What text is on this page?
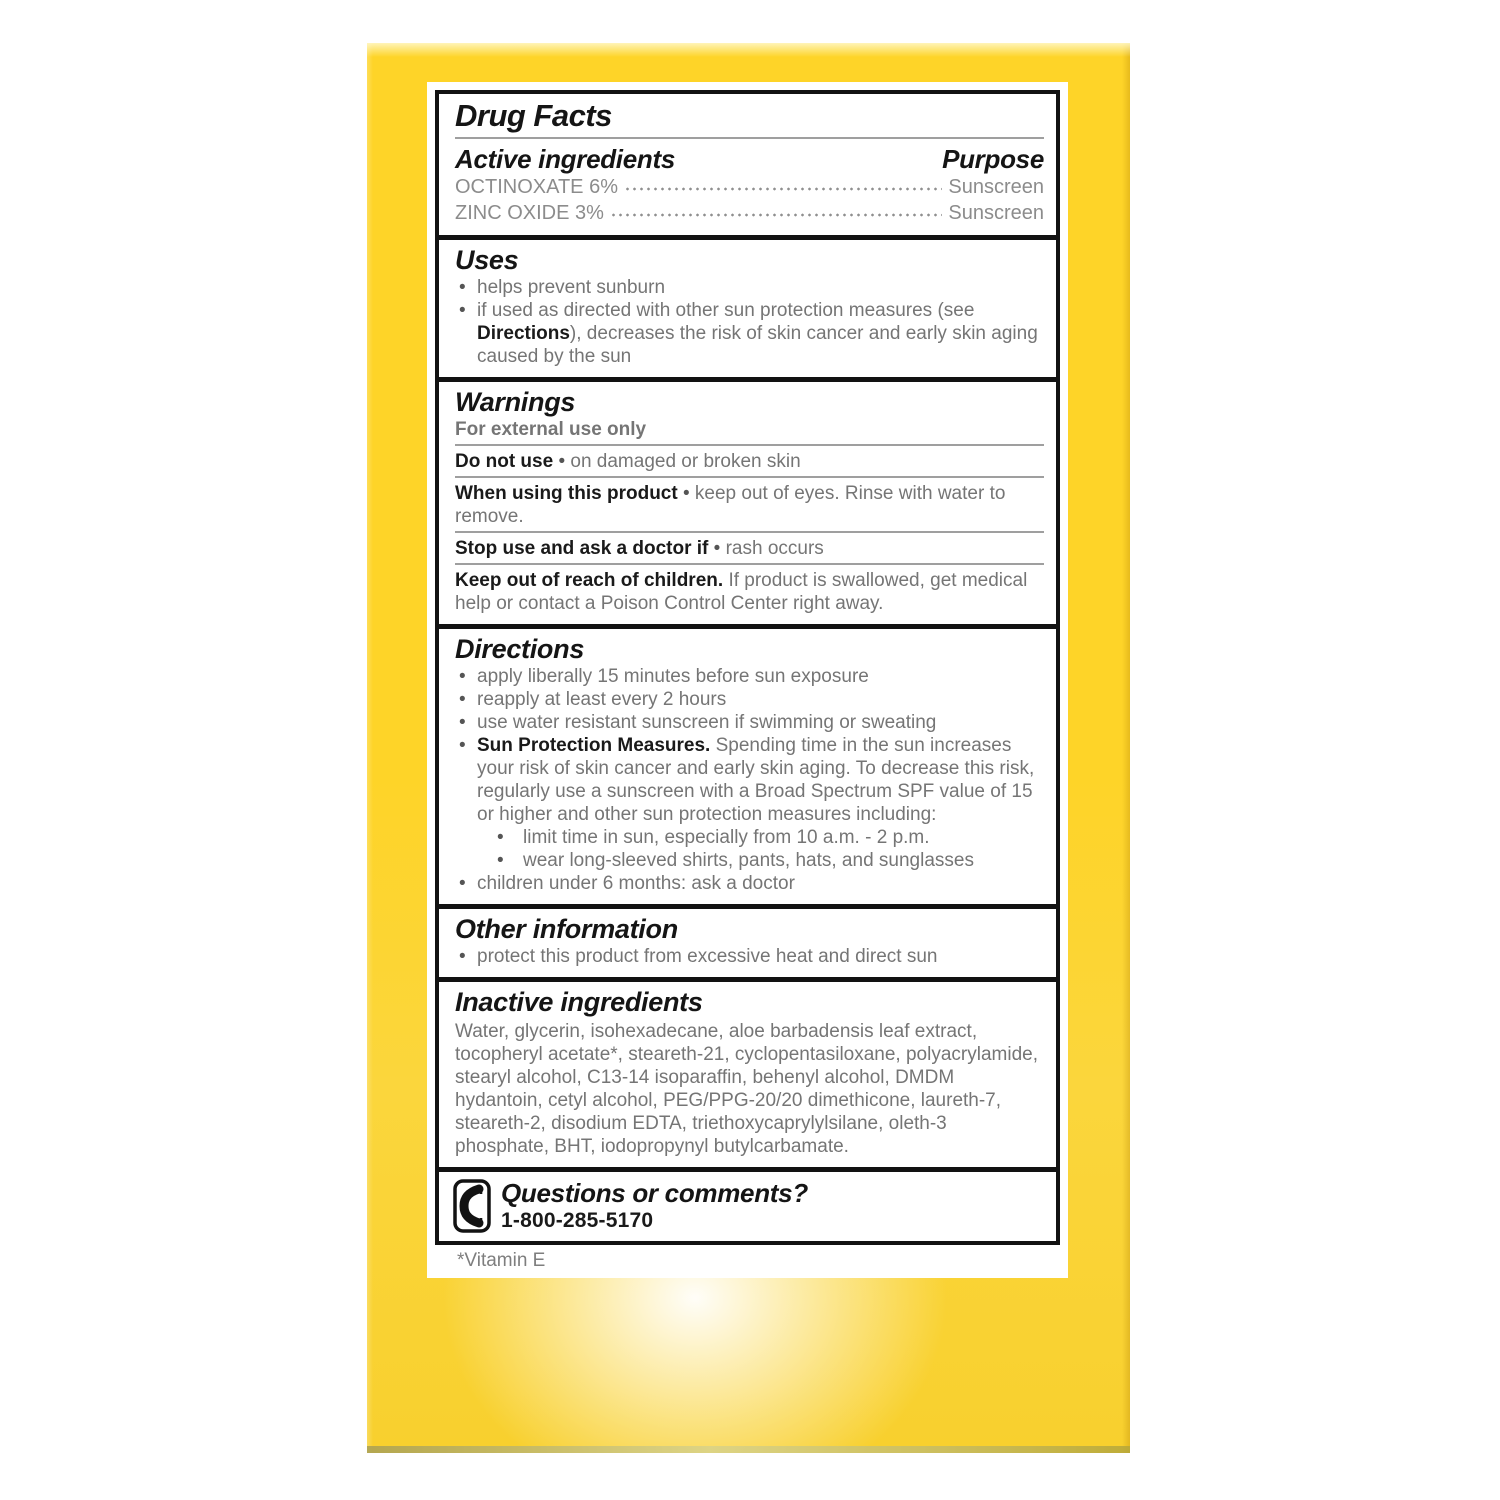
Drug Facts
Active ingredients	Purpose
OCTINOXATE 6%	Sunscreen
ZINC OXIDE 3%	Sunscreen
Uses
• helps prevent sunburn
• if used as directed with other sun protection measures (see Directions), decreases the risk of skin cancer and early skin aging caused by the sun
Warnings
For external use only
Do not use • on damaged or broken skin
When using this product • keep out of eyes. Rinse with water to remove.
Stop use and ask a doctor if • rash occurs
Keep out of reach of children. If product is swallowed, get medical help or contact a Poison Control Center right away.
Directions
• apply liberally 15 minutes before sun exposure
• reapply at least every 2 hours
• use water resistant sunscreen if swimming or sweating
• Sun Protection Measures. Spending time in the sun increases your risk of skin cancer and early skin aging. To decrease this risk, regularly use a sunscreen with a Broad Spectrum SPF value of 15 or higher and other sun protection measures including:
•	limit time in sun, especially from 10 a.m. - 2 p.m.
•	wear long-sleeved shirts, pants, hats, and sunglasses
• children under 6 months: ask a doctor
Other information
• protect this product from excessive heat and direct sun
Inactive ingredients

Water, glycerin, isohexadecane, aloe barbadensis leaf extract, tocopheryl acetate*, steareth-21, cyclopentasiloxane, polyacrylamide, stearyl alcohol, C13-14 isoparaffin, behenyl alcohol, DMDM hydantoin, cetyl alcohol, PEG/PPG-20/20 dimethicone, laureth-7, steareth-2, disodium EDTA, triethoxycaprylylsilane, oleth-3 phosphate, BHT, iodopropynyl butylcarbamate.

Questions or comments?
1-800-285-5170
*Vitamin E
